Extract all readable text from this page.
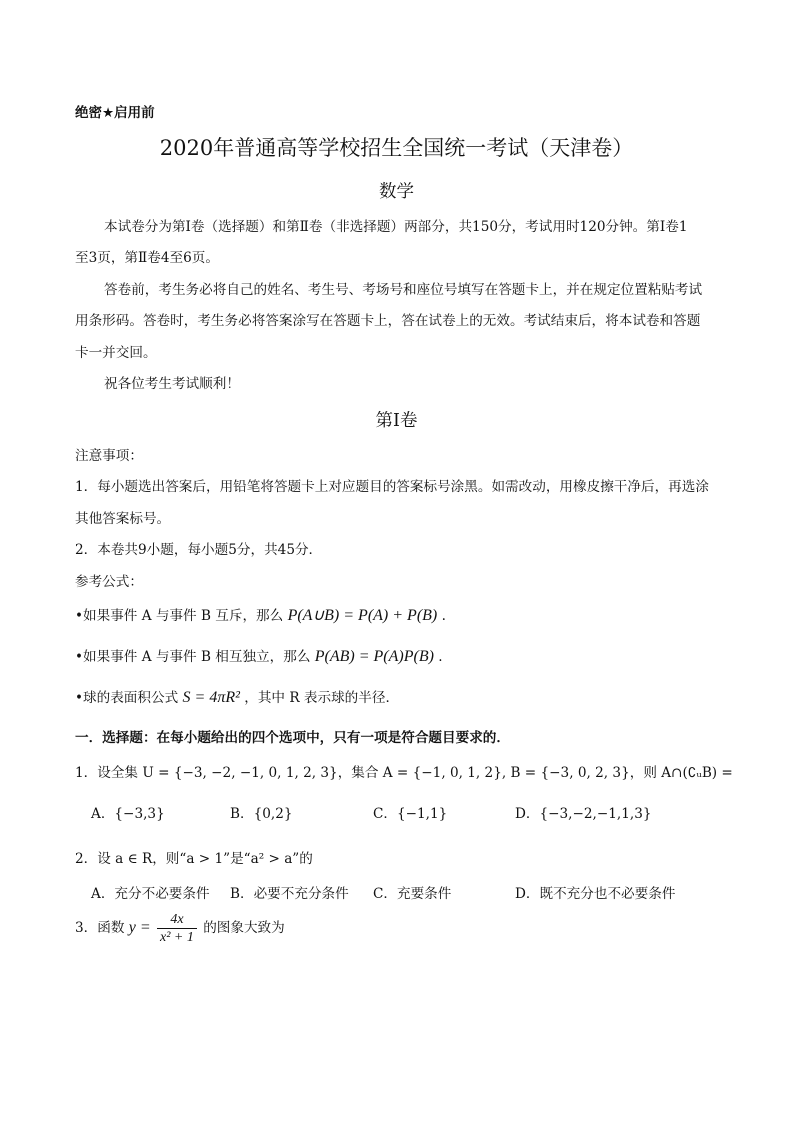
绝密★启用前
2020年普通高等学校招生全国统一考试（天津卷）
数学
本试卷分为第Ⅰ卷（选择题）和第Ⅱ卷（非选择题）两部分，共150分，考试用时120分钟。第Ⅰ卷1
至3页，第Ⅱ卷4至6页。
答卷前，考生务必将自己的姓名、考生号、考场号和座位号填写在答题卡上，并在规定位置粘贴考试
用条形码。答卷时，考生务必将答案涂写在答题卡上，答在试卷上的无效。考试结束后，将本试卷和答题
卡一并交回。
祝各位考生考试顺利！
第Ⅰ卷
注意事项：
1．每小题选出答案后，用铅笔将答题卡上对应题目的答案标号涂黑。如需改动，用橡皮擦干净后，再选涂
其他答案标号。
2．本卷共9小题，每小题5分，共45分．
参考公式：
•如果事件 A 与事件 B 互斥，那么 P(A∪B) = P(A) + P(B) .
•如果事件 A 与事件 B 相互独立，那么 P(AB) = P(A)P(B) .
•球的表面积公式 S = 4πR² ，其中 R 表示球的半径．
一．选择题：在每小题给出的四个选项中，只有一项是符合题目要求的．
1．设全集 U = {−3, −2, −1, 0, 1, 2, 3}，集合 A = {−1, 0, 1, 2}, B = {−3, 0, 2, 3}，则 A∩(∁ᵤB) =
A．{−3,3}	B．{0,2}	C．{−1,1}	D．{−3,−2,−1,1,3}
2．设 a ∈ R，则“a > 1”是“a² > a”的
A．充分不必要条件 B．必要不充分条件 C．充要条件	D．既不充分也不必要条件
3．函数 $y = \frac{4x}{\text{x² + 1}}$ 的图象大致为
